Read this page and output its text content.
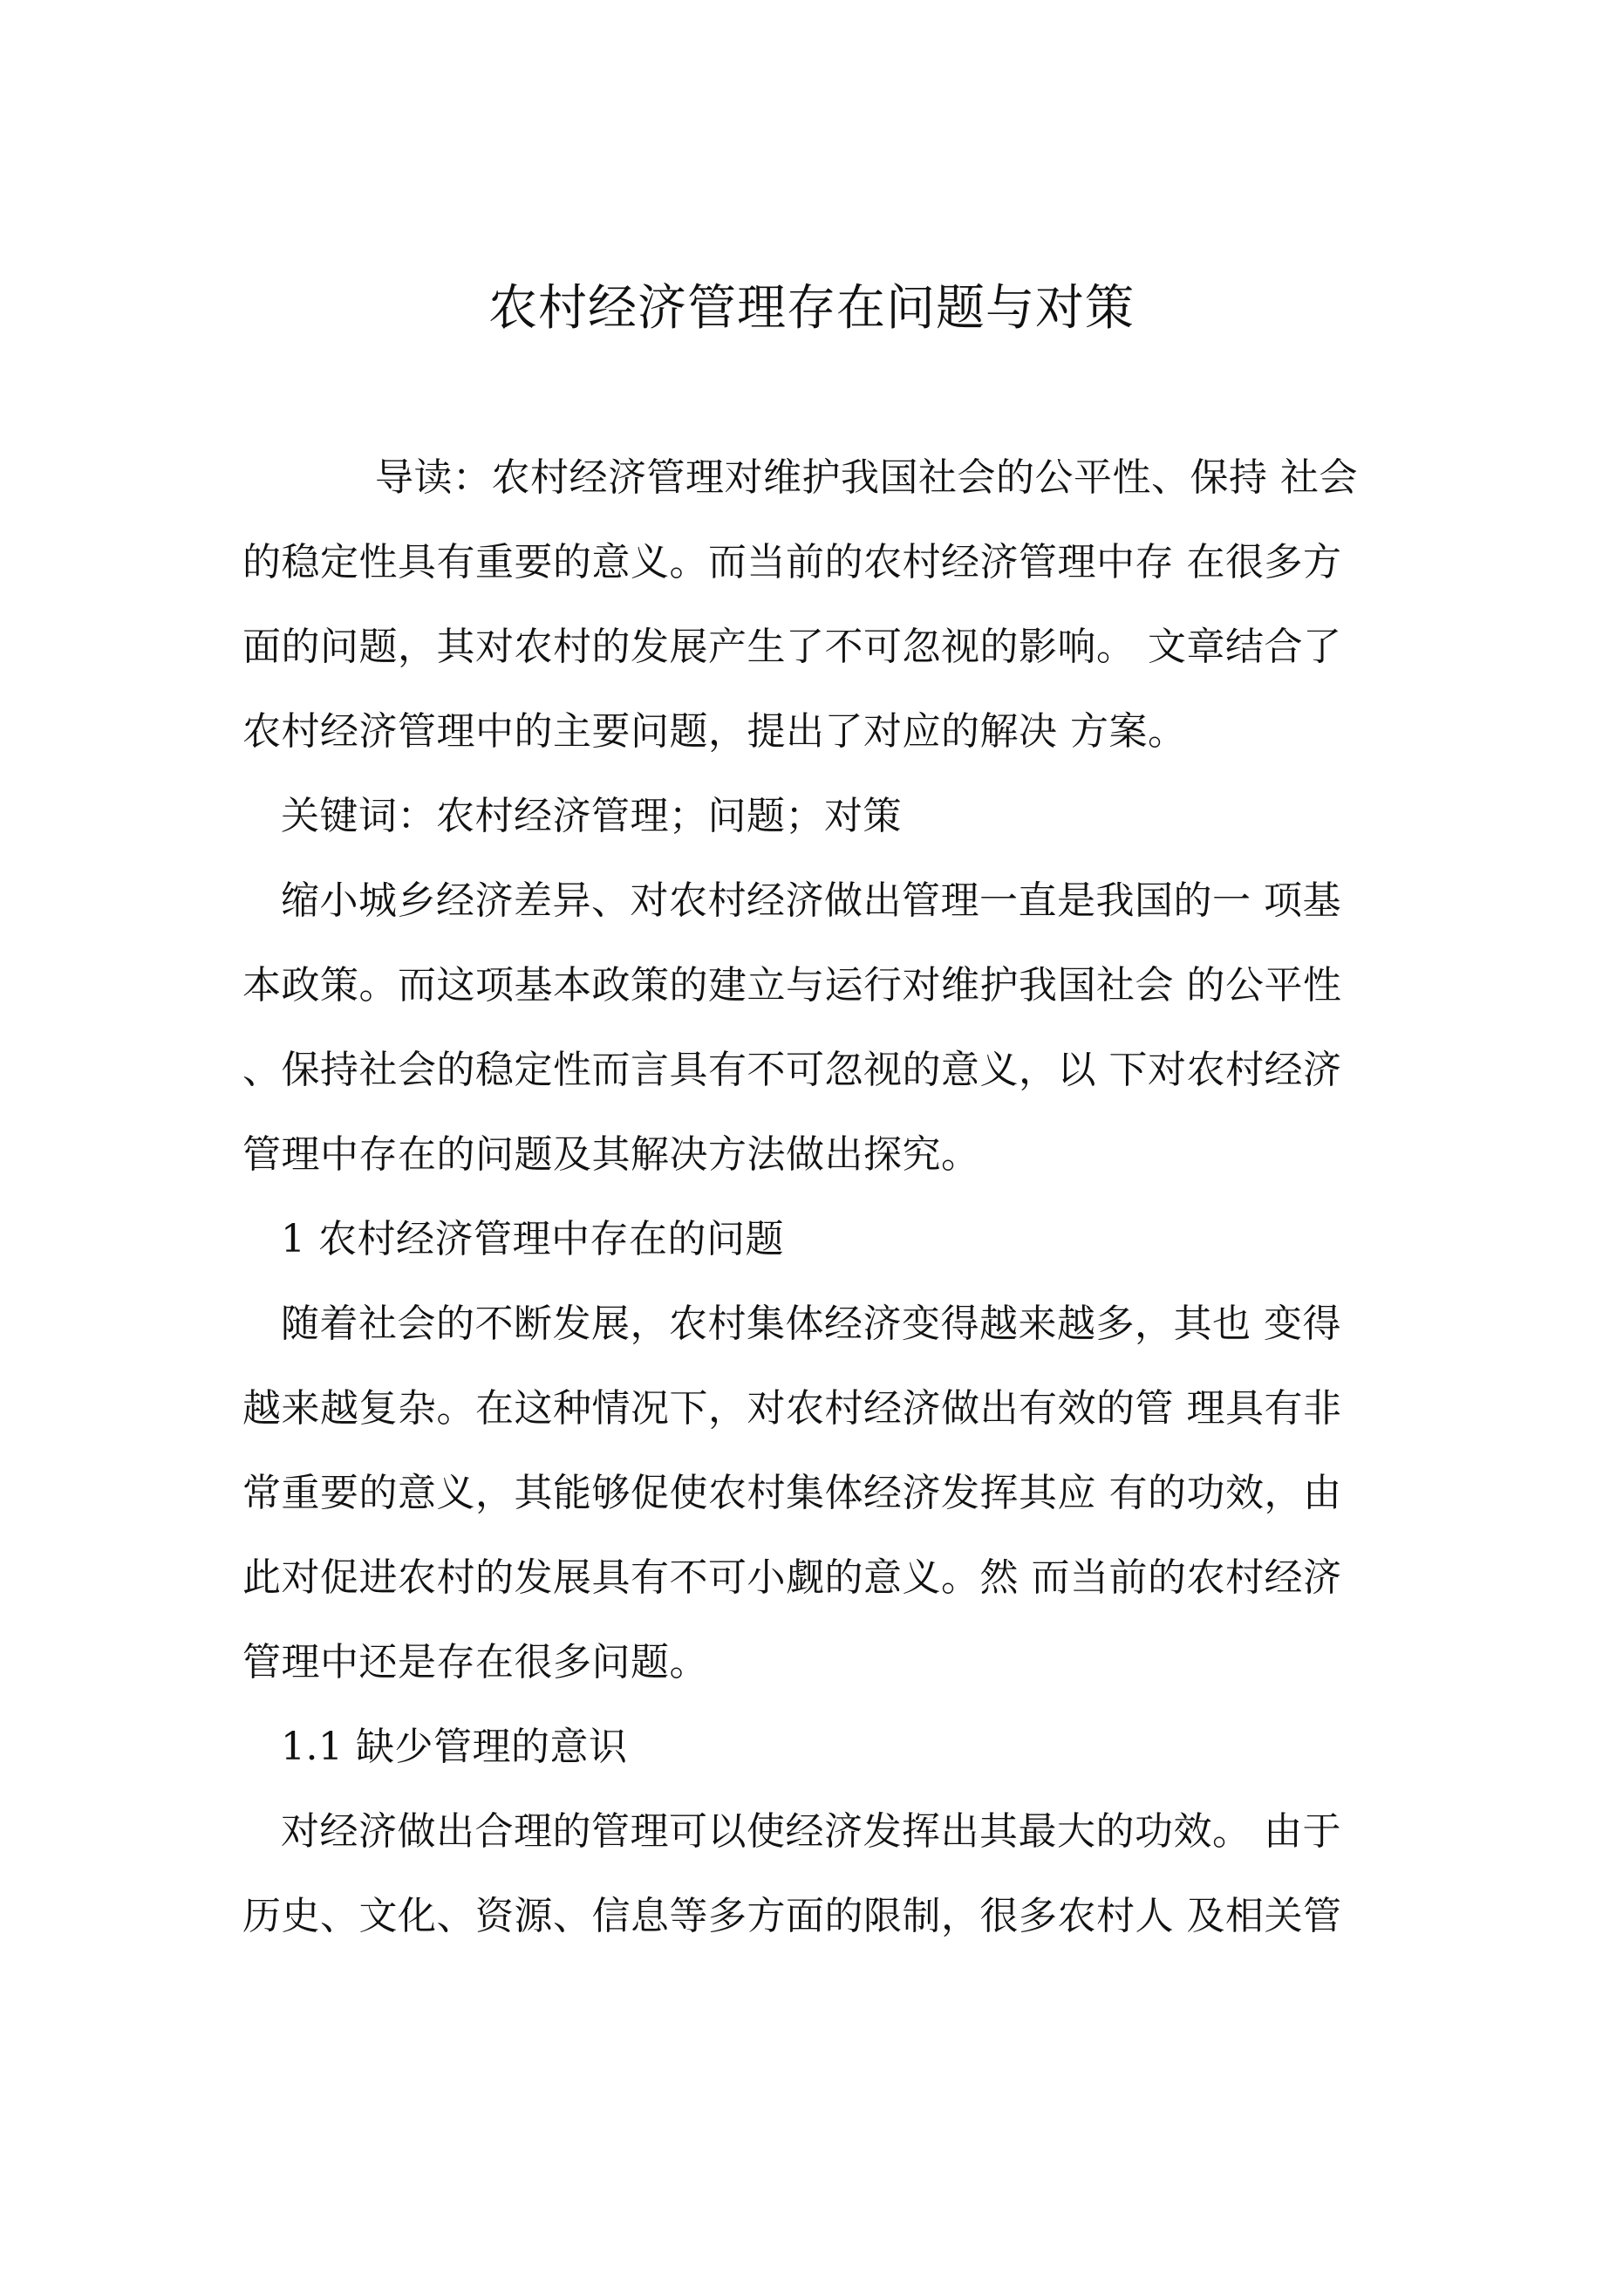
农村经济管理存在问题与对策
导读：农村经济管理对维护我国社会的公平性、保持 社会
的稳定性具有重要的意义。而当前的农村经济管理中存 在很多方
面的问题，其对农村的发展产生了不可忽视的影响。 文章结合了
农村经济管理中的主要问题，提出了对应的解决 方案。
关键词：农村经济管理；问题；对策
缩小城乡经济差异、对农村经济做出管理一直是我国的一 项基
本政策。而这项基本政策的建立与运行对维护我国社会 的公平性
、保持社会的稳定性而言具有不可忽视的意义，以 下对农村经济
管理中存在的问题及其解决方法做出探究。
1 农村经济管理中存在的问题
随着社会的不断发展，农村集体经济变得越来越多，其也 变得
越来越复杂。在这种情况下，对农村经济做出有效的管 理具有非
常重要的意义，其能够促使农村集体经济发挥其应 有的功效，由
此对促进农村的发展具有不可小觑的意义。然 而当前的农村经济
管理中还是存在很多问题。
1.1 缺少管理的意识
对经济做出合理的管理可以使经济发挥出其最大的功效。 由于
历史、文化、资源、信息等多方面的限制，很多农村人 及相关管
